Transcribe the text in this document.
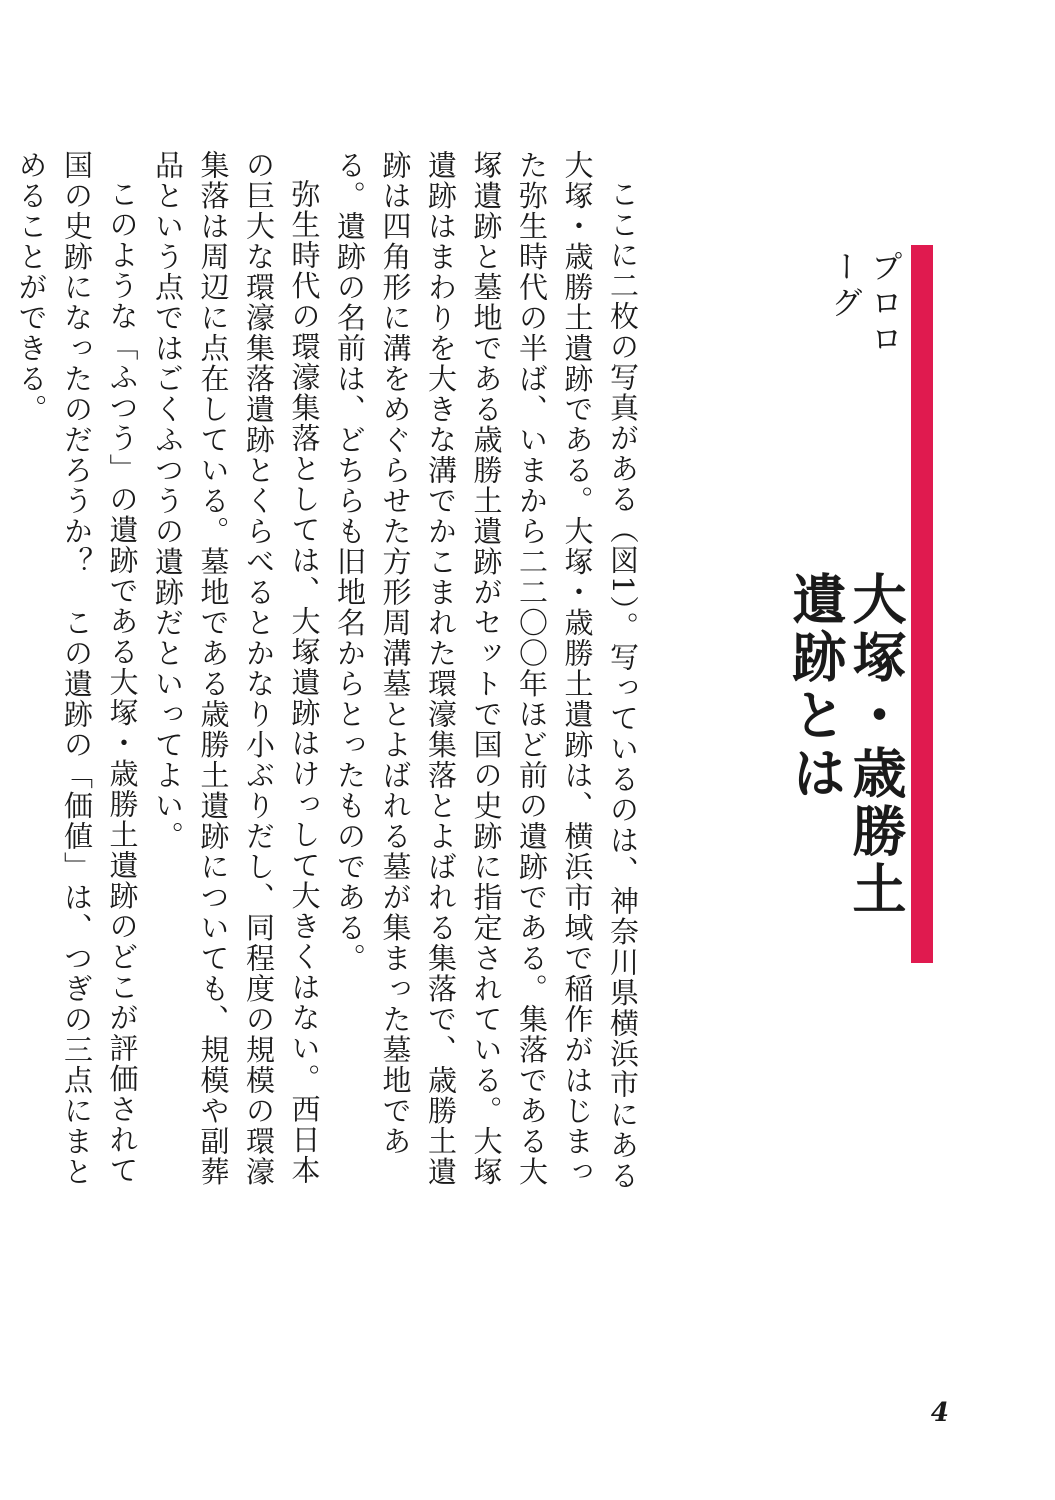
プロローグ
大塚・歳勝土遺跡とは

ここに二枚の写真がある（図1）。写っているのは、神奈川県横浜市にある大塚・歳勝土遺跡である。大塚・歳勝土遺跡は、横浜市域で稲作がはじまった弥生時代の半ば、いまから二二〇〇年ほど前の遺跡である。集落である大塚遺跡と墓地である歳勝土遺跡がセットで国の史跡に指定されている。大塚遺跡はまわりを大きな溝でかこまれた環濠集落とよばれる集落で、歳勝土遺跡は四角形に溝をめぐらせた方形周溝墓とよばれる墓が集まった墓地である。遺跡の名前は、どちらも旧地名からとったものである。

弥生時代の環濠集落としては、大塚遺跡はけっして大きくはない。西日本の巨大な環濠集落遺跡とくらべるとかなり小ぶりだし、同程度の規模の環濠集落は周辺に点在している。墓地である歳勝土遺跡についても、規模や副葬品という点ではごくふつうの遺跡だといってよい。

このような「ふつう」の遺跡である大塚・歳勝土遺跡のどこが評価されて国の史跡になったのだろうか？　この遺跡の「価値」は、つぎの三点にまとめることができる。

4
